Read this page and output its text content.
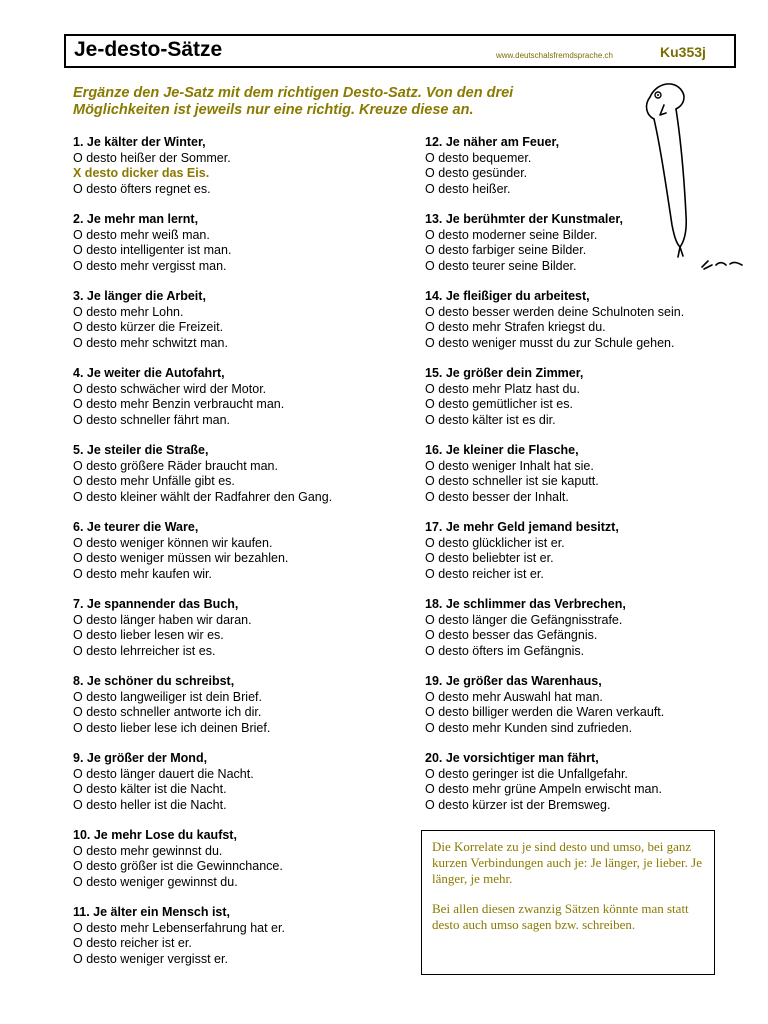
Je-desto-Sätze	www.deutschalsfremdsprache.ch	Ku353j
Ergänze den Je-Satz mit dem richtigen Desto-Satz. Von den drei
Möglichkeiten ist jeweils nur eine richtig. Kreuze diese an.
1. Je kälter der Winter,
O desto heißer der Sommer.
X desto dicker das Eis.
O desto öfters regnet es.
2. Je mehr man lernt,
O desto mehr weiß man.
O desto intelligenter ist man.
O desto mehr vergisst man.
3. Je länger die Arbeit,
O desto mehr Lohn.
O desto kürzer die Freizeit.
O desto mehr schwitzt man.
4. Je weiter die Autofahrt,
O desto schwächer wird der Motor.
O desto mehr Benzin verbraucht man.
O desto schneller fährt man.
5. Je steiler die Straße,
O desto größere Räder braucht man.
O desto mehr Unfälle gibt es.
O desto kleiner wählt der Radfahrer den Gang.
6. Je teurer die Ware,
O desto weniger können wir kaufen.
O desto weniger müssen wir bezahlen.
O desto mehr kaufen wir.
7. Je spannender das Buch,
O desto länger haben wir daran.
O desto lieber lesen wir es.
O desto lehrreicher ist es.
8. Je schöner du schreibst,
O desto langweiliger ist dein Brief.
O desto schneller antworte ich dir.
O desto lieber lese ich deinen Brief.
9. Je größer der Mond,
O desto länger dauert die Nacht.
O desto kälter ist die Nacht.
O desto heller ist die Nacht.
10. Je mehr Lose du kaufst,
O desto mehr gewinnst du.
O desto größer ist die Gewinnchance.
O desto weniger gewinnst du.
11. Je älter ein Mensch ist,
O desto mehr Lebenserfahrung hat er.
O desto reicher ist er.
O desto weniger vergisst er.
12. Je näher am Feuer,
O desto bequemer.
O desto gesünder.
O desto heißer.
13. Je berühmter der Kunstmaler,
O desto moderner seine Bilder.
O desto farbiger seine Bilder.
O desto teurer seine Bilder.
14. Je fleißiger du arbeitest,
O desto besser werden deine Schulnoten sein.
O desto mehr Strafen kriegst du.
O desto weniger musst du zur Schule gehen.
15. Je größer dein Zimmer,
O desto mehr Platz hast du.
O desto gemütlicher ist es.
O desto kälter ist es dir.
16. Je kleiner die Flasche,
O desto weniger Inhalt hat sie.
O desto schneller ist sie kaputt.
O desto besser der Inhalt.
17. Je mehr Geld jemand besitzt,
O desto glücklicher ist er.
O desto beliebter ist er.
O desto reicher ist er.
18. Je schlimmer das Verbrechen,
O desto länger die Gefängnisstrafe.
O desto besser das Gefängnis.
O desto öfters im Gefängnis.
19. Je größer das Warenhaus,
O desto mehr Auswahl hat man.
O desto billiger werden die Waren verkauft.
O desto mehr Kunden sind zufrieden.
20. Je vorsichtiger man fährt,
O desto geringer ist die Unfallgefahr.
O desto mehr grüne Ampeln erwischt man.
O desto kürzer ist der Bremsweg.

Die Korrelate zu je sind desto und umso, bei ganz kurzen Verbindungen auch je: Je länger, je lieber. Je länger, je mehr.

Bei allen diesen zwanzig Sätzen könnte man statt desto auch umso sagen bzw. schreiben.
